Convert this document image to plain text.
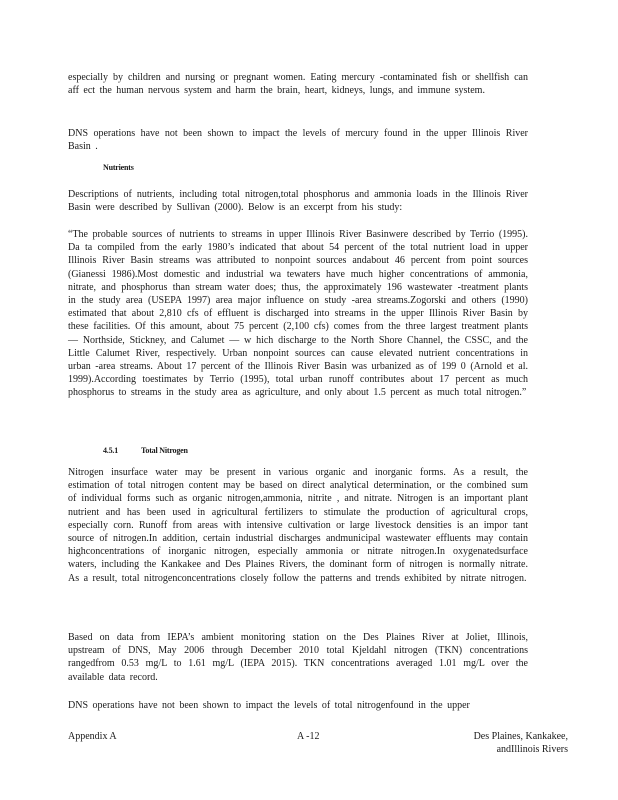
especially by children and nursing or pregnant women. Eating mercury -contaminated fish or shellfish can aff ect the human nervous system and harm the brain, heart, kidneys, lungs, and immune system.

DNS operations have not been shown to impact the levels of mercury found in the upper Illinois River Basin .

Nutrients

Descriptions of nutrients, including total nitrogen,total phosphorus and ammonia loads in the Illinois River Basin were described by Sullivan (2000). Below is an excerpt from his study:

“The probable sources of nutrients to streams in upper Illinois River Basinwere described by Terrio (1995). Da ta compiled from the early 1980’s indicated that about 54 percent of the total nutrient load in upper Illinois River Basin streams was attributed to nonpoint sources andabout 46 percent from point sources (Gianessi 1986).Most domestic and industrial wa tewaters have much higher concentrations of ammonia, nitrate, and phosphorus than stream water does; thus, the approximately 196 wastewater -treatment plants in the study area (USEPA 1997) area major influence on study -area streams.Zogorski and others (1990) estimated that about 2,810 cfs of effluent is discharged into streams in the upper Illinois River Basin by these facilities. Of this amount, about 75 percent (2,100 cfs) comes from the three largest treatment plants — Northside, Stickney, and Calumet — w hich discharge to the North Shore Channel, the CSSC, and the Little Calumet River, respectively. Urban nonpoint sources can cause elevated nutrient concentrations in urban -area streams. About 17 percent of the Illinois River Basin was urbanized as of 199 0 (Arnold et al. 1999).According toestimates by Terrio (1995), total urban runoff contributes about 17 percent as much phosphorus to streams in the study area as agriculture, and only about 1.5 percent as much total nitrogen.”

4.5.1	Total Nitrogen

Nitrogen insurface water may be present in various organic and inorganic forms. As a result, the estimation of total nitrogen content may be based on direct analytical determination, or the combined sum of individual forms such as organic nitrogen,ammonia, nitrite , and nitrate. Nitrogen is an important plant nutrient and has been used in agricultural fertilizers to stimulate the production of agricultural crops, especially corn. Runoff from areas with intensive cultivation or large livestock densities is an impor tant source of nitrogen.In addition, certain industrial discharges andmunicipal wastewater effluents may contain highconcentrations of inorganic nitrogen, especially ammonia or nitrate nitrogen.In oxygenatedsurface waters, including the Kankakee and Des Plaines Rivers, the dominant form of nitrogen is normally nitrate. As a result, total nitrogenconcentrations closely follow the patterns and trends exhibited by nitrate nitrogen.

Based on data from IEPA’s ambient monitoring station on the Des Plaines River at Joliet, Illinois, upstream of DNS, May 2006 through December 2010 total Kjeldahl nitrogen (TKN) concentrations rangedfrom 0.53 mg/L to 1.61 mg/L (IEPA 2015). TKN concentrations averaged 1.01 mg/L over the available data record.

DNS operations have not been shown to impact the levels of total nitrogenfound in the upper

Appendix A	A -12	Des Plaines, Kankakee,
andIllinois Rivers
